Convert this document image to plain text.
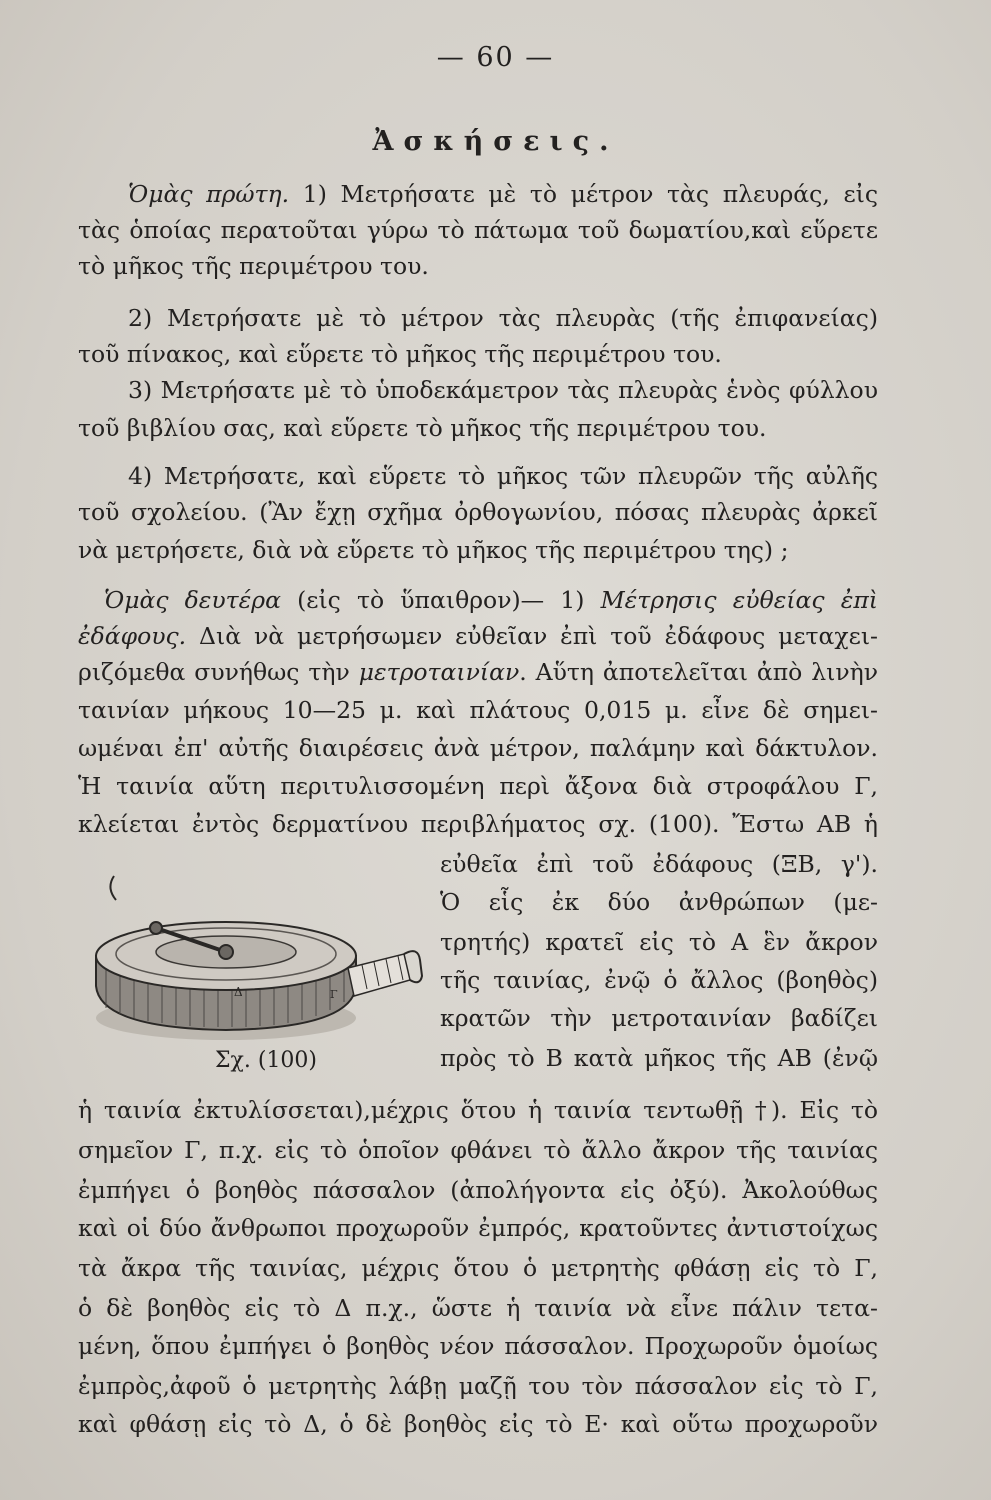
— 60 —
Ἀσκήσεις.
Ὁμὰς πρώτη. 1) Μετρήσατε μὲ τὸ μέτρον τὰς πλευράς, εἰς
τὰς ὁποίας περατοῦται γύρω τὸ πάτωμα τοῦ δωματίου,καὶ εὕρετε
τὸ μῆκος τῆς περιμέτρου του.
2) Μετρήσατε μὲ τὸ μέτρον τὰς πλευρὰς (τῆς ἐπιφανείας)
τοῦ πίνακος, καὶ εὕρετε τὸ μῆκος τῆς περιμέτρου του.
3) Μετρήσατε μὲ τὸ ὑποδεκάμετρον τὰς πλευρὰς ἑνὸς φύλλου
τοῦ βιβλίου σας, καὶ εὕρετε τὸ μῆκος τῆς περιμέτρου του.
4) Μετρήσατε, καὶ εὕρετε τὸ μῆκος τῶν πλευρῶν τῆς αὐλῆς
τοῦ σχολείου. (Ἂν ἔχῃ σχῆμα ὀρθογωνίου, πόσας πλευρὰς ἀρκεῖ
νὰ μετρήσετε, διὰ νὰ εὕρετε τὸ μῆκος τῆς περιμέτρου της) ;
Ὁμὰς δευτέρα (εἰς τὸ ὕπαιθρον)— 1) Μέτρησις εὐθείας ἐπὶ
ἐδάφους. Διὰ νὰ μετρήσωμεν εὐθεῖαν ἐπὶ τοῦ ἐδάφους μεταχει-
ριζόμεθα συνήθως τὴν μετροταινίαν. Αὕτη ἀποτελεῖται ἀπὸ λινὴν
ταινίαν μήκους 10—25 μ. καὶ πλάτους 0,015 μ. εἶνε δὲ σημει-
ωμέναι ἐπ' αὐτῆς διαιρέσεις ἀνὰ μέτρον, παλάμην καὶ δάκτυλον.
Ἡ ταινία αὕτη περιτυλισσομένη περὶ ἄξονα διὰ στροφάλου Γ,
κλείεται ἐντὸς δερματίνου περιβλήματος σχ. (100). Ἔστω ΑΒ ἡ
εὐθεῖα ἐπὶ τοῦ ἐδάφους (ΞΒ, γ').
Ὁ εἷς ἐκ δύο ἀνθρώπων (με-
τρητής) κρατεῖ εἰς τὸ Α ἓν ἄκρον
τῆς ταινίας, ἐνῷ ὁ ἄλλος (βοηθὸς)
κρατῶν τὴν μετροταινίαν βαδίζει
πρὸς τὸ Β κατὰ μῆκος τῆς ΑΒ (ἐνῷ
Δ	Γ
Σχ. (100)
ἡ ταινία ἐκτυλίσσεται),μέχρις ὅτου ἡ ταινία τεντωθῇ †). Εἰς τὸ
σημεῖον Γ, π.χ. εἰς τὸ ὁποῖον φθάνει τὸ ἄλλο ἄκρον τῆς ταινίας
ἐμπήγει ὁ βοηθὸς πάσσαλον (ἀπολήγοντα εἰς ὀξύ). Ἀκολούθως
καὶ οἱ δύο ἄνθρωποι προχωροῦν ἐμπρός, κρατοῦντες ἀντιστοίχως
τὰ ἄκρα τῆς ταινίας, μέχρις ὅτου ὁ μετρητὴς φθάσῃ εἰς τὸ Γ,
ὁ δὲ βοηθὸς εἰς τὸ Δ π.χ., ὥστε ἡ ταινία νὰ εἶνε πάλιν τετα-
μένη, ὅπου ἐμπήγει ὁ βοηθὸς νέον πάσσαλον. Προχωροῦν ὁμοίως
ἐμπρὸς,ἀφοῦ ὁ μετρητὴς λάβῃ μαζῇ του τὸν πάσσαλον εἰς τὸ Γ,
καὶ φθάσῃ εἰς τὸ Δ, ὁ δὲ βοηθὸς εἰς τὸ Ε· καὶ οὕτω προχωροῦν
